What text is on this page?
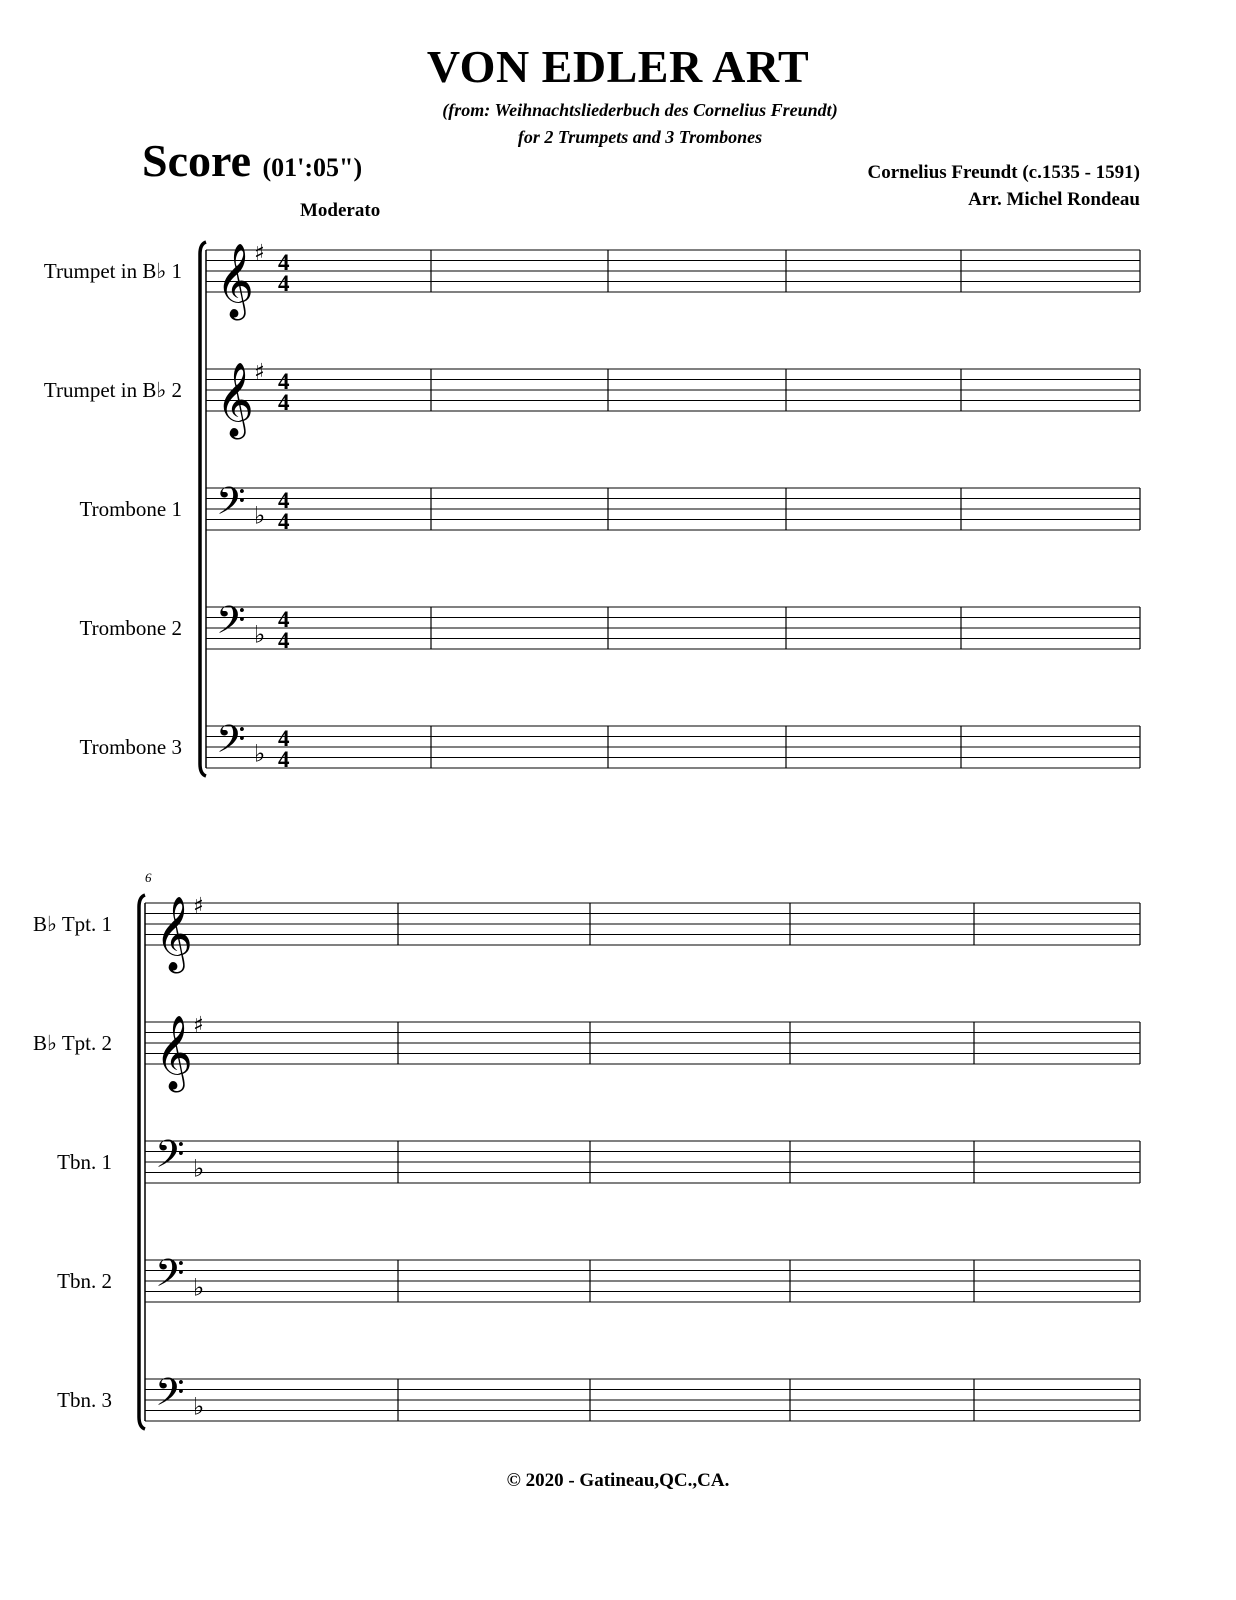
VON EDLER ART
(from: Weihnachtsliederbuch des Cornelius Freundt)
for 2 Trumpets and 3 Trombones
Score (01':05")	Cornelius Freundt (c.1535 - 1591)
Arr. Michel Rondeau
Moderato
Trumpet in B♭ 1
Trumpet in B♭ 2
Trombone 1
Trombone 2
Trombone 3
B♭ Tpt. 1
B♭ Tpt. 2
Tbn. 1
Tbn. 2
Tbn. 3
6
© 2020 - Gatineau,QC.,CA.
𝄞 ♯ 4
4
𝄞 ♯ 4
4
𝄢 ♭
4
4
𝄢 ♭
4
4
𝄢 ♭
4
4
𝄞 ♯
𝄞 ♯
𝄢 ♭
𝄢 ♭
𝄢 ♭
